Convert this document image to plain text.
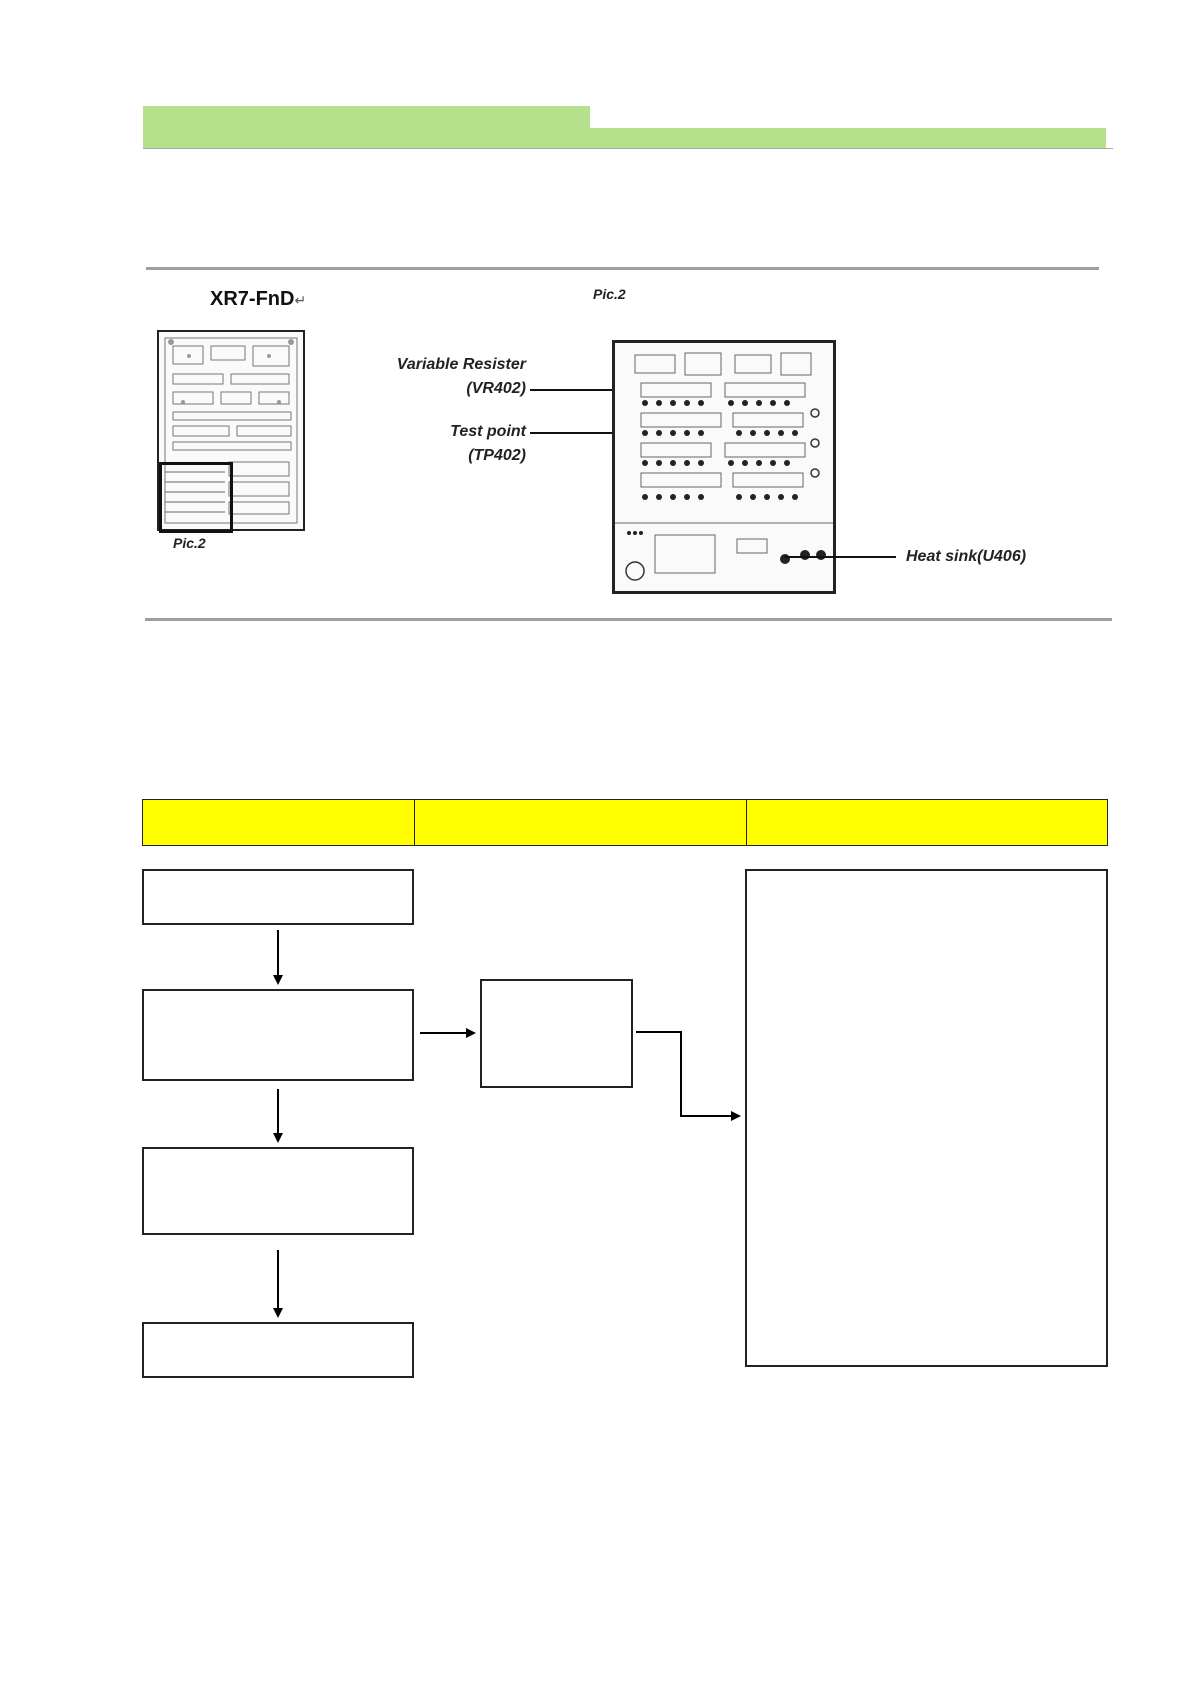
XR7-FnD↵
Pic.2
Pic.2
Variable Resister
(VR402)
Test point
(TP402)
Heat sink(U406)
